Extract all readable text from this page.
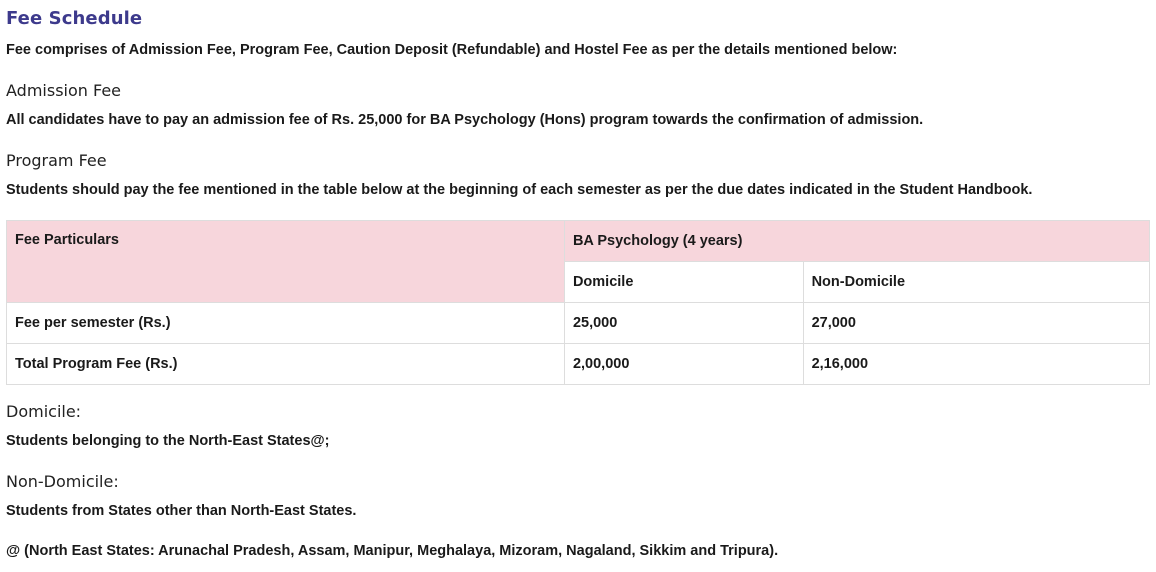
Fee Schedule
Fee comprises of Admission Fee, Program Fee, Caution Deposit (Refundable) and Hostel Fee as per the details mentioned below:
Admission Fee
All candidates have to pay an admission fee of Rs. 25,000 for BA Psychology (Hons) program towards the confirmation of admission.
Program Fee
Students should pay the fee mentioned in the table below at the beginning of each semester as per the due dates indicated in the Student Handbook.
Fee Particulars	BA Psychology (4 years)	
	Domicile	Non-Domicile
Fee per semester (Rs.)	25,000	27,000
Total Program Fee (Rs.)	2,00,000	2,16,000
Domicile:
Students belonging to the North-East States@;
Non-Domicile:
Students from States other than North-East States.
@ (North East States: Arunachal Pradesh, Assam, Manipur, Meghalaya, Mizoram, Nagaland, Sikkim and Tripura).
